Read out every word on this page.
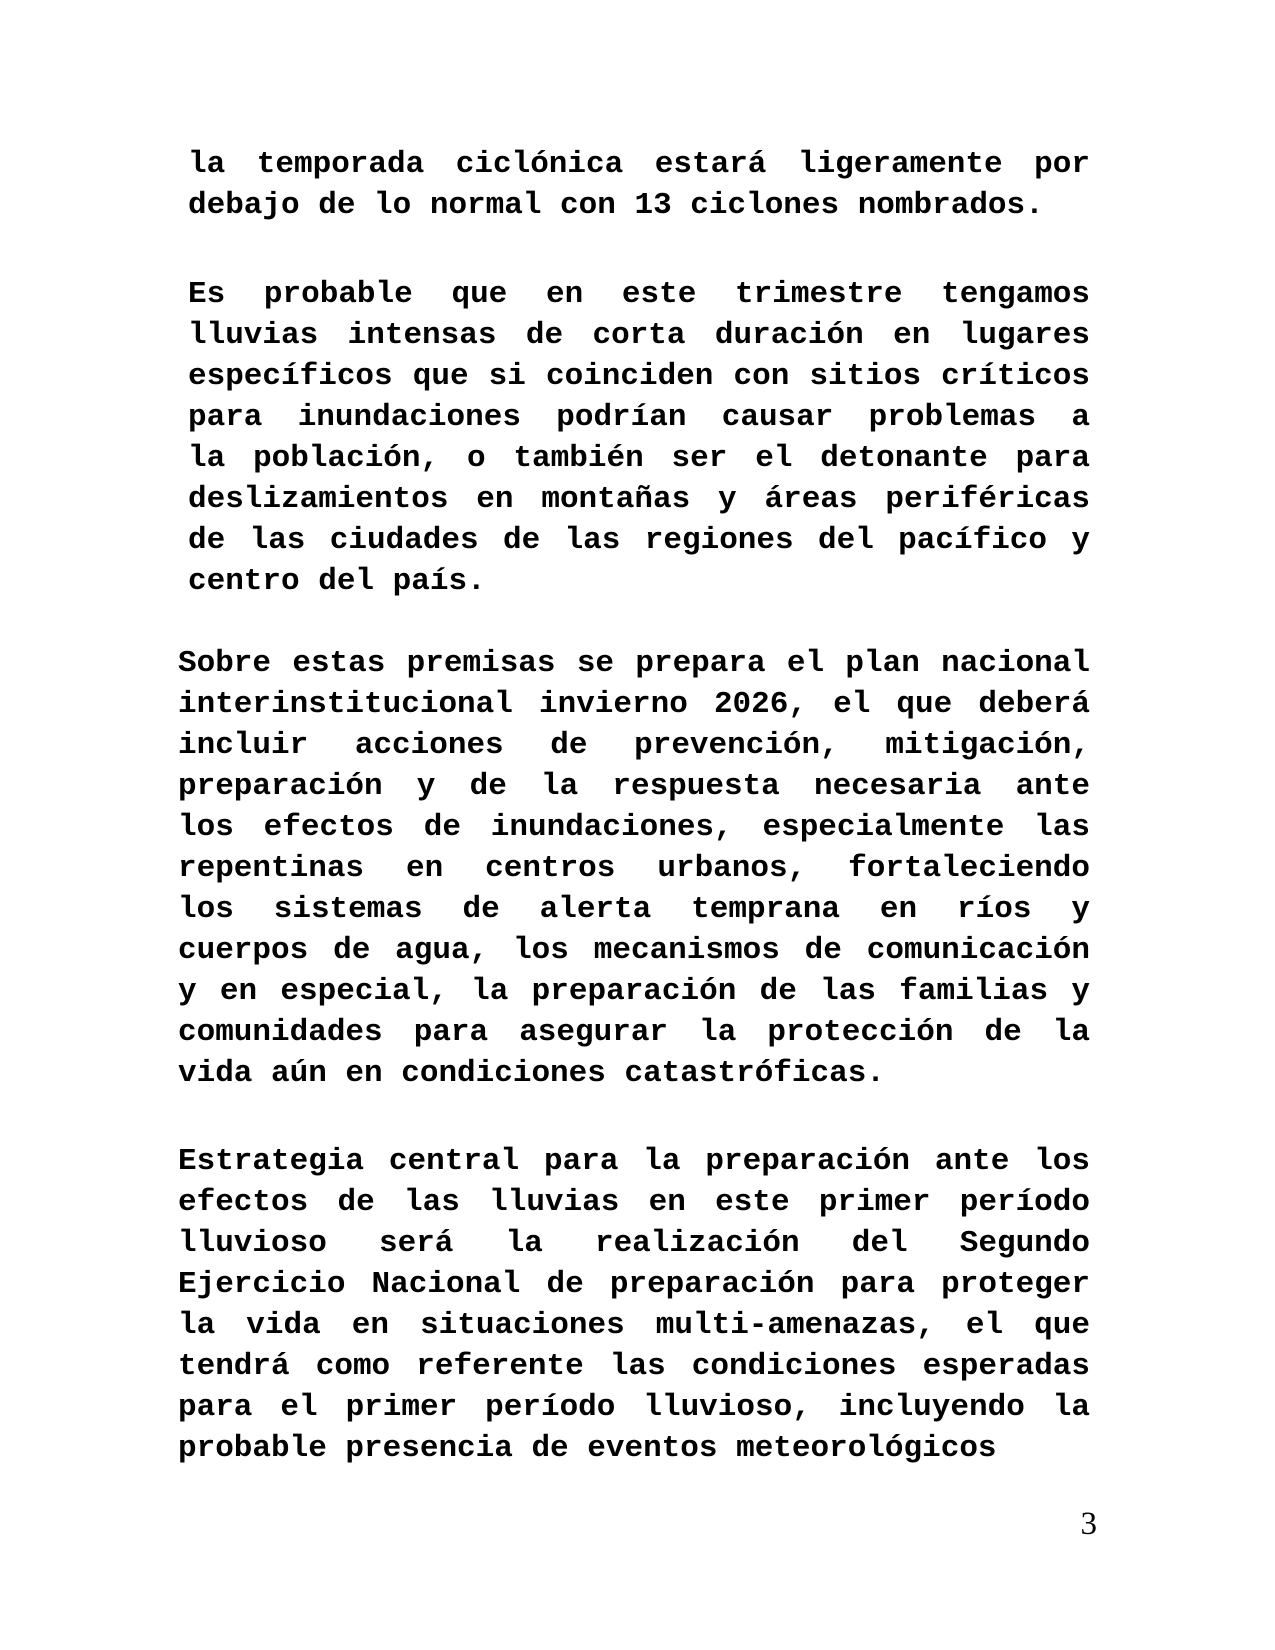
la temporada ciclónica estará ligeramente por
debajo de lo normal con 13 ciclones nombrados.
Es probable que en este trimestre tengamos
lluvias intensas de corta duración en lugares
específicos que si coinciden con sitios críticos
para inundaciones podrían causar problemas a
la población, o también ser el detonante para
deslizamientos en montañas y áreas periféricas
de las ciudades de las regiones del pacífico y
centro del país.
Sobre estas premisas se prepara el plan nacional
interinstitucional invierno 2026, el que deberá
incluir acciones de prevención, mitigación,
preparación y de la respuesta necesaria ante
los efectos de inundaciones, especialmente las
repentinas en centros urbanos, fortaleciendo
los sistemas de alerta temprana en ríos y
cuerpos de agua, los mecanismos de comunicación
y en especial, la preparación de las familias y
comunidades para asegurar la protección de la
vida aún en condiciones catastróficas.
Estrategia central para la preparación ante los
efectos de las lluvias en este primer período
lluvioso será la realización del Segundo
Ejercicio Nacional de preparación para proteger
la vida en situaciones multi-amenazas, el que
tendrá como referente las condiciones esperadas
para el primer período lluvioso, incluyendo la
probable presencia de eventos meteorológicos
3
